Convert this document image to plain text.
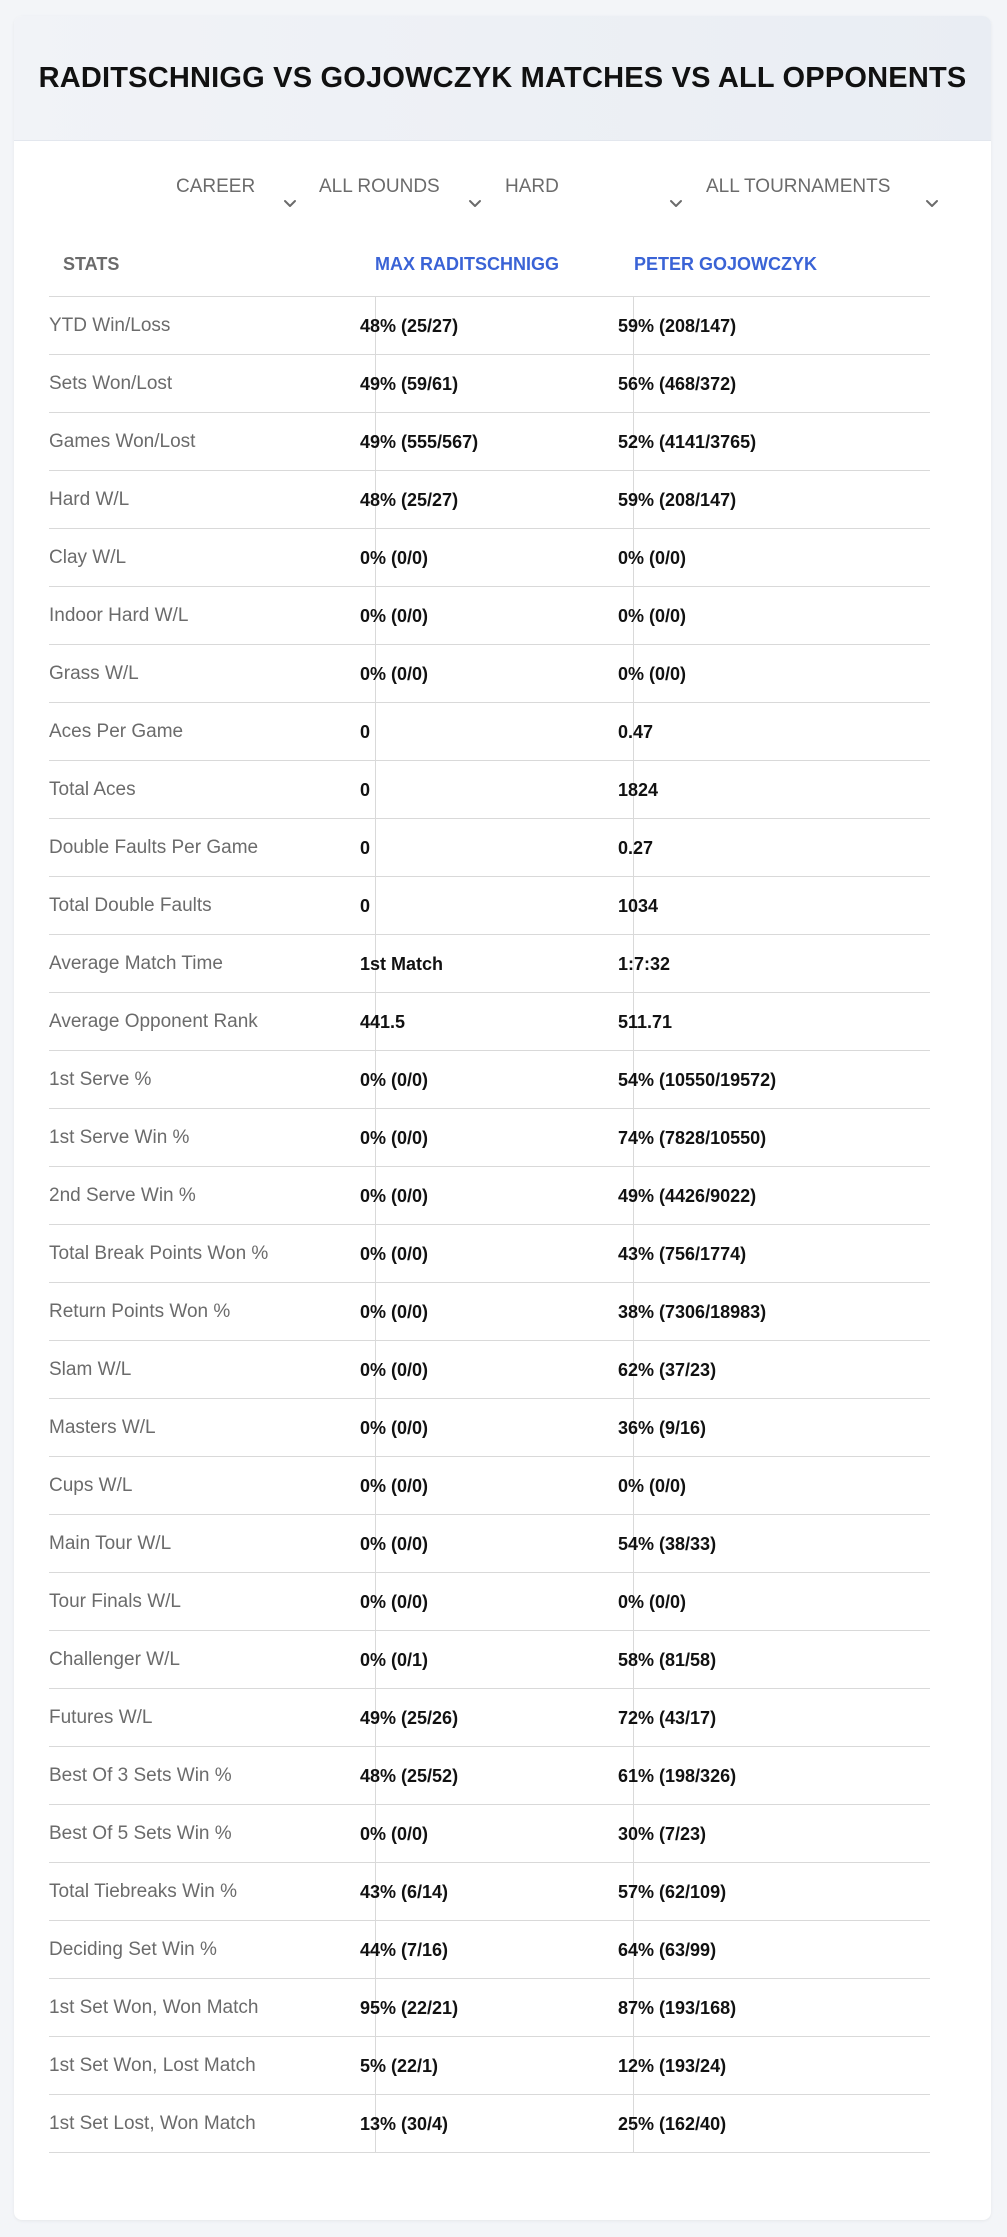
RADITSCHNIGG VS GOJOWCZYK MATCHES VS ALL OPPONENTS
CAREER	ALL ROUNDS	HARD	ALL TOURNAMENTS
STATS	MAX RADITSCHNIGG	PETER GOJOWCZYK
YTD Win/Loss	48% (25/27)	59% (208/147)
Sets Won/Lost	49% (59/61)	56% (468/372)
Games Won/Lost	49% (555/567)	52% (4141/3765)
Hard W/L	48% (25/27)	59% (208/147)
Clay W/L	0% (0/0)	0% (0/0)
Indoor Hard W/L	0% (0/0)	0% (0/0)
Grass W/L	0% (0/0)	0% (0/0)
Aces Per Game	0	0.47
Total Aces	0	1824
Double Faults Per Game	0	0.27
Total Double Faults	0	1034
Average Match Time	1st Match	1:7:32
Average Opponent Rank	441.5	511.71
1st Serve %	0% (0/0)	54% (10550/19572)
1st Serve Win %	0% (0/0)	74% (7828/10550)
2nd Serve Win %	0% (0/0)	49% (4426/9022)
Total Break Points Won %	0% (0/0)	43% (756/1774)
Return Points Won %	0% (0/0)	38% (7306/18983)
Slam W/L	0% (0/0)	62% (37/23)
Masters W/L	0% (0/0)	36% (9/16)
Cups W/L	0% (0/0)	0% (0/0)
Main Tour W/L	0% (0/0)	54% (38/33)
Tour Finals W/L	0% (0/0)	0% (0/0)
Challenger W/L	0% (0/1)	58% (81/58)
Futures W/L	49% (25/26)	72% (43/17)
Best Of 3 Sets Win %	48% (25/52)	61% (198/326)
Best Of 5 Sets Win %	0% (0/0)	30% (7/23)
Total Tiebreaks Win %	43% (6/14)	57% (62/109)
Deciding Set Win %	44% (7/16)	64% (63/99)
1st Set Won, Won Match	95% (22/21)	87% (193/168)
1st Set Won, Lost Match	5% (22/1)	12% (193/24)
1st Set Lost, Won Match	13% (30/4)	25% (162/40)
